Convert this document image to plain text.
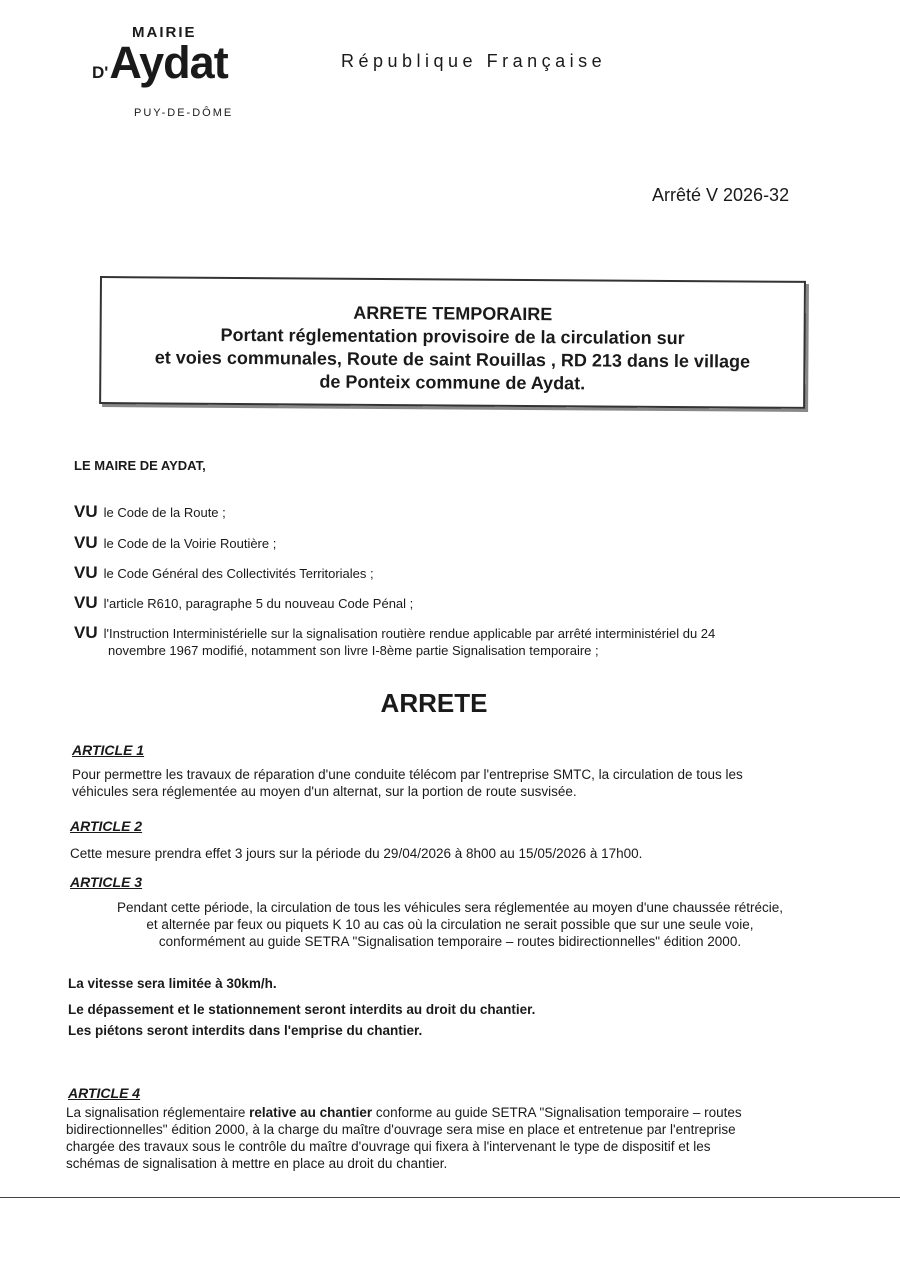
MAIRIE
D' Aydat
PUY-DE-DÔME
République Française
Arrêté V 2026-32
ARRETE TEMPORAIRE
Portant réglementation provisoire de la circulation sur
et voies communales, Route de saint Rouillas , RD 213 dans le village
de Ponteix commune de Aydat.
LE MAIRE DE AYDAT,
VU le Code de la Route ;
VU le Code de la Voirie Routière ;
VU le Code Général des Collectivités Territoriales ;
VU l'article R610, paragraphe 5 du nouveau Code Pénal ;
VU l'Instruction Interministérielle sur la signalisation routière rendue applicable par arrêté interministériel du 24
novembre 1967 modifié, notamment son livre I-8ème partie Signalisation temporaire ;
ARRETE
ARTICLE 1
Pour permettre les travaux de réparation d'une conduite télécom par l'entreprise SMTC, la circulation de tous les
véhicules sera réglementée au moyen d'un alternat, sur la portion de route susvisée.
ARTICLE 2
Cette mesure prendra effet 3 jours sur la période du 29/04/2026 à 8h00 au 15/05/2026 à 17h00.
ARTICLE 3
Pendant cette période, la circulation de tous les véhicules sera réglementée au moyen d'une chaussée rétrécie,
et alternée par feux ou piquets K 10 au cas où la circulation ne serait possible que sur une seule voie,
conformément au guide SETRA "Signalisation temporaire – routes bidirectionnelles" édition 2000.
La vitesse sera limitée à 30km/h.
Le dépassement et le stationnement seront interdits au droit du chantier.
Les piétons seront interdits dans l'emprise du chantier.
ARTICLE 4
La signalisation réglementaire relative au chantier conforme au guide SETRA "Signalisation temporaire – routes
bidirectionnelles" édition 2000, à la charge du maître d'ouvrage sera mise en place et entretenue par l'entreprise
chargée des travaux sous le contrôle du maître d'ouvrage qui fixera à l'intervenant le type de dispositif et les
schémas de signalisation à mettre en place au droit du chantier.
